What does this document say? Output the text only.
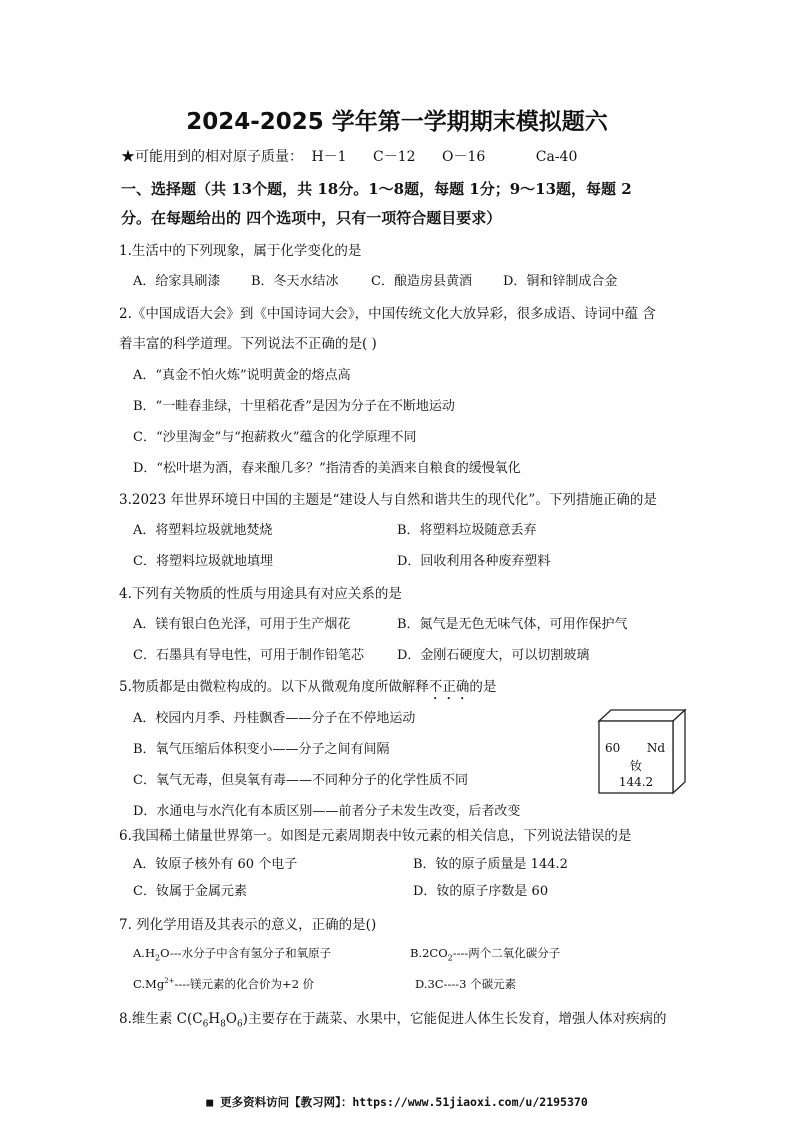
2024-2025 学年第一学期期末模拟题六
★可能用到的相对原子质量： H－1 C－12 O－16	Ca-40
一、选择题（共 13个题，共 18分。1～8题，每题 1分；9～13题，每题 2
分。在每题给出的 四个选项中，只有一项符合题目要求）
1.生活中的下列现象，属于化学变化的是
A．给家具刷漆 B．冬天水结冰 C．酿造房县黄酒 D．铜和锌制成合金
2.《中国成语大会》到《中国诗词大会》，中国传统文化大放异彩，很多成语、诗词中蕴 含
着丰富的科学道理。下列说法不正确的是( )
A．“真金不怕火炼”说明黄金的熔点高
B．“一畦春韭绿，十里稻花香”是因为分子在不断地运动
C．“沙里淘金”与“抱薪救火”蕴含的化学原理不同
D．“松叶堪为酒，春来酿几多？”指清香的美酒来自粮食的缓慢氧化
3.2023 年世界环境日中国的主题是“建设人与自然和谐共生的现代化”。下列措施正确的是
A．将塑料垃圾就地焚烧	B．将塑料垃圾随意丢弃
C．将塑料垃圾就地填埋	D．回收利用各种废弃塑料
4.下列有关物质的性质与用途具有对应关系的是
A．镁有银白色光泽，可用于生产烟花	B．氮气是无色无味气体，可用作保护气
C．石墨具有导电性，可用于制作铅笔芯	D．金刚石硬度大，可以切割玻璃
5.物质都是由微粒构成的。以下从微观角度所做解释不正确的是
A．校园内月季、丹桂飘香——分子在不停地运动
B．氧气压缩后体积变小——分子之间有间隔
C．氧气无毒，但臭氧有毒——不同种分子的化学性质不同
D．水通电与水汽化有本质区别——前者分子未发生改变，后者改变
60 Nd
钕
144.2
6.我国稀土储量世界第一。如图是元素周期表中钕元素的相关信息，下列说法错误的是
A．钕原子核外有 60 个电子	B．钕的原子质量是 144.2
C．钕属于金属元素	D．钕的原子序数是 60
7. 列化学用语及其表示的意义，正确的是()
$A.H_2O---$水分子中含有氢分子和氧原子	$B.2CO_2----$两个二氧化碳分子
$C.Mg^{2+}----$镁元素的化合价为+2 价	D.3C----3 个碳元素
8.维生素 $C(C_6H_8O_6)$主要存在于蔬菜、水果中，它能促进人体生长发育，增强人体对疾病的
■ 更多资料访问【教习网】：https://www.51jiaoxi.com/u/2195370
